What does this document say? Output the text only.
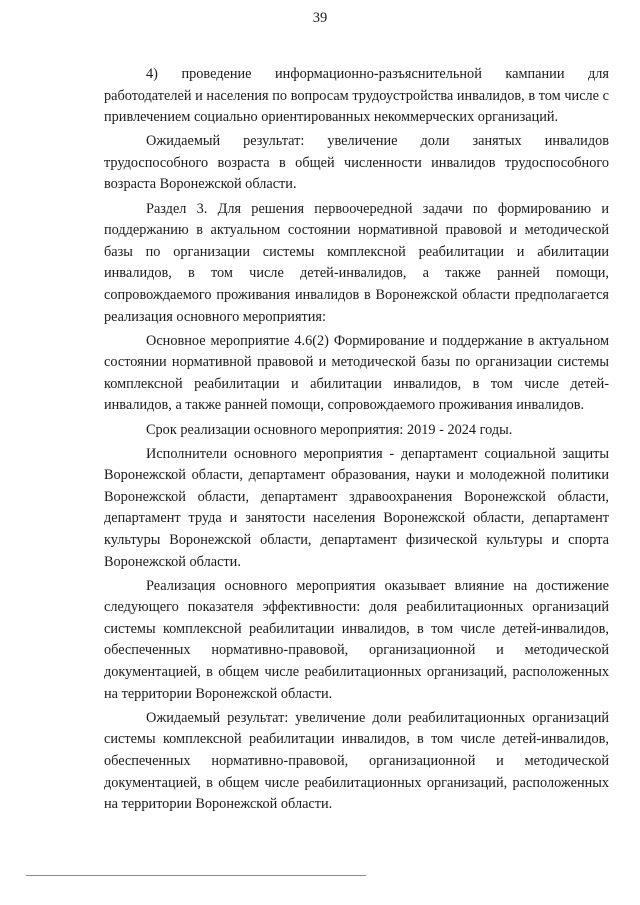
39

4) проведение информационно-разъяснительной кампании для работодателей и населения по вопросам трудоустройства инвалидов, в том числе с привлечением социально ориентированных некоммерческих организаций.

Ожидаемый результат: увеличение доли занятых инвалидов трудоспособного возраста в общей численности инвалидов трудоспособного возраста Воронежской области.

Раздел 3. Для решения первоочередной задачи по формированию и поддержанию в актуальном состоянии нормативной правовой и методической базы по организации системы комплексной реабилитации и абилитации инвалидов, в том числе детей-инвалидов, а также ранней помощи, сопровождаемого проживания инвалидов в Воронежской области предполагается реализация основного мероприятия:

Основное мероприятие 4.6(2) Формирование и поддержание в актуальном состоянии нормативной правовой и методической базы по организации системы комплексной реабилитации и абилитации инвалидов, в том числе детей-инвалидов, а также ранней помощи, сопровождаемого проживания инвалидов.

Срок реализации основного мероприятия: 2019 - 2024 годы.

Исполнители основного мероприятия - департамент социальной защиты Воронежской области, департамент образования, науки и молодежной политики Воронежской области, департамент здравоохранения Воронежской области, департамент труда и занятости населения Воронежской области, департамент культуры Воронежской области, департамент физической культуры и спорта Воронежской области.

Реализация основного мероприятия оказывает влияние на достижение следующего показателя эффективности: доля реабилитационных организаций системы комплексной реабилитации инвалидов, в том числе детей-инвалидов, обеспеченных нормативно-правовой, организационной и методической документацией, в общем числе реабилитационных организаций, расположенных на территории Воронежской области.

Ожидаемый результат: увеличение доли реабилитационных организаций системы комплексной реабилитации инвалидов, в том числе детей-инвалидов, обеспеченных нормативно-правовой, организационной и методической документацией, в общем числе реабилитационных организаций, расположенных на территории Воронежской области.
